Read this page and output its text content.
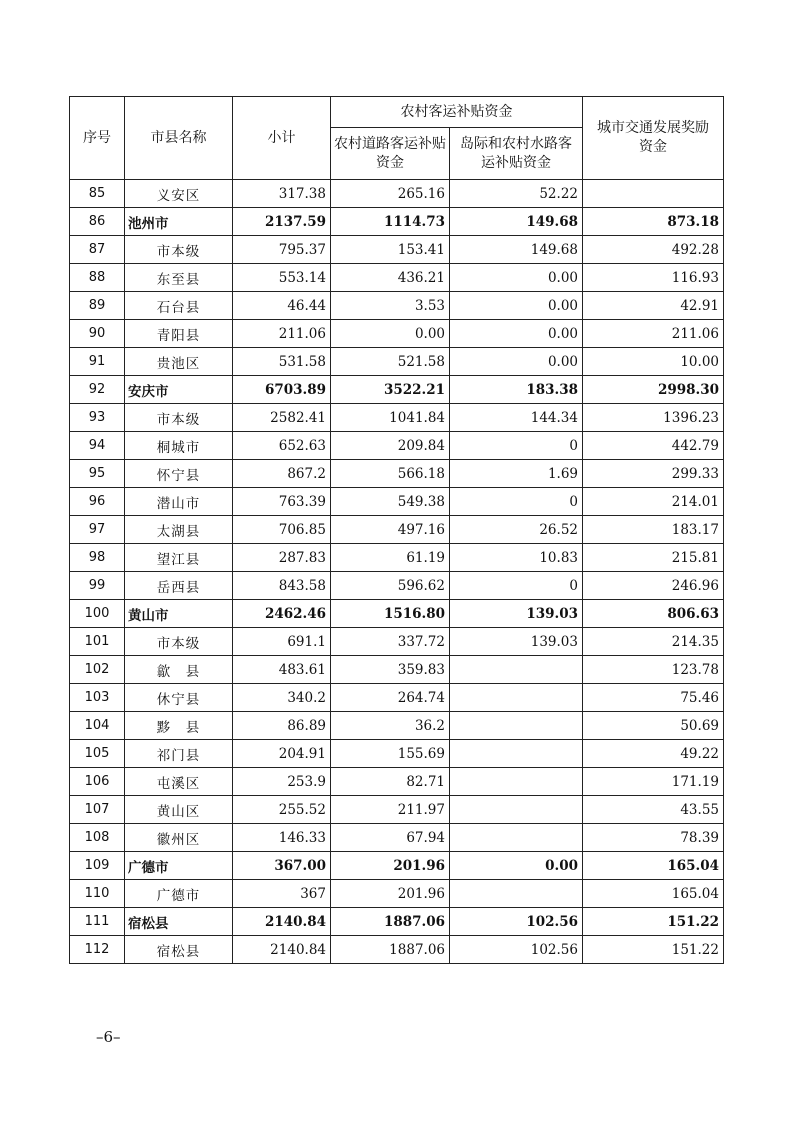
序号	市县名称	小计	农村客运补贴资金		城市交通发展奖励资金

			农村道路客运补贴资金	岛际和农村水路客运补贴资金	

85	义安区	317.38	265.16	52.22	
86	池州市	2137.59	1114.73	149.68	873.18
87	市本级	795.37	153.41	149.68	492.28
88	东至县	553.14	436.21	0.00	116.93
89	石台县	46.44	3.53	0.00	42.91
90	青阳县	211.06	0.00	0.00	211.06
91	贵池区	531.58	521.58	0.00	10.00
92	安庆市	6703.89	3522.21	183.38	2998.30
93	市本级	2582.41	1041.84	144.34	1396.23
94	桐城市	652.63	209.84	0	442.79
95	怀宁县	867.2	566.18	1.69	299.33
96	潜山市	763.39	549.38	0	214.01
97	太湖县	706.85	497.16	26.52	183.17
98	望江县	287.83	61.19	10.83	215.81
99	岳西县	843.58	596.62	0	246.96
100	黄山市	2462.46	1516.80	139.03	806.63
101	市本级	691.1	337.72	139.03	214.35
102	歙　县	483.61	359.83		123.78
103	休宁县	340.2	264.74		75.46
104	黟　县	86.89	36.2		50.69
105	祁门县	204.91	155.69		49.22
106	屯溪区	253.9	82.71		171.19
107	黄山区	255.52	211.97		43.55
108	徽州区	146.33	67.94		78.39
109	广德市	367.00	201.96	0.00	165.04
110	广德市	367	201.96		165.04
111	宿松县	2140.84	1887.06	102.56	151.22
112	宿松县	2140.84	1887.06	102.56	151.22
–6–
